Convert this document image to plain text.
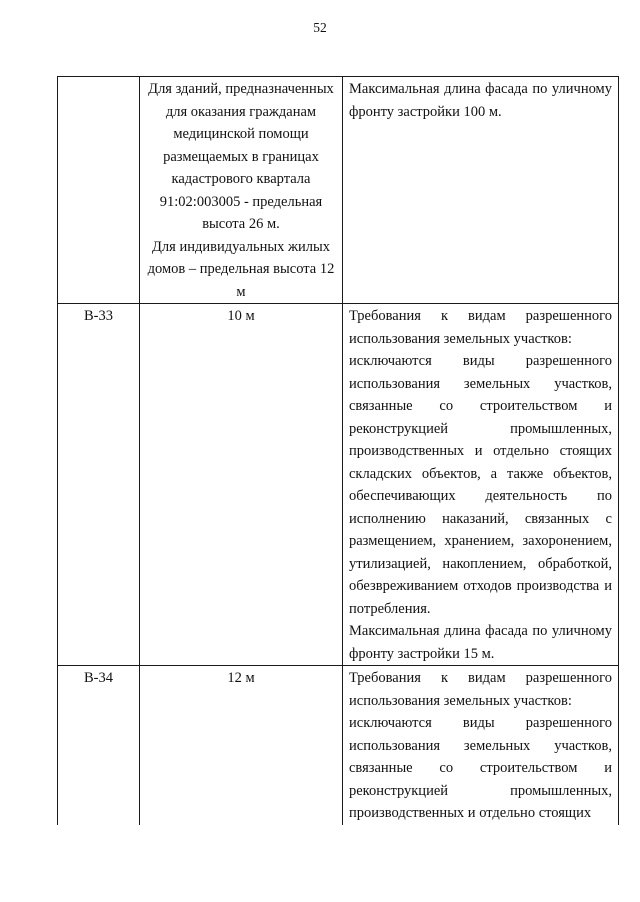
52

	Для зданий, предназначенных для оказания гражданам медицинской помощи размещаемых в границах кадастрового квартала 91:02:003005 - предельная высота 26 м.

Для индивидуальных жилых домов – предельная высота 12 м	Максимальная длина фасада по уличному фронту застройки 100 м.

В-33	10 м	Требования к видам разрешенного использования земельных участков:

исключаются виды разрешенного использования земельных участков, связанные со строительством и реконструкцией промышленных, производственных и отдельно стоящих складских объектов, а также объектов, обеспечивающих деятельность по исполнению наказаний, связанных с размещением, хранением, захоронением, утилизацией, накоплением, обработкой, обезвреживанием отходов производства и потребления.

Максимальная длина фасада по уличному фронту застройки 15 м.

В-34	12 м	Требования к видам разрешенного использования земельных участков:

исключаются виды разрешенного использования земельных участков, связанные со строительством и реконструкцией промышленных, производственных и отдельно стоящих
